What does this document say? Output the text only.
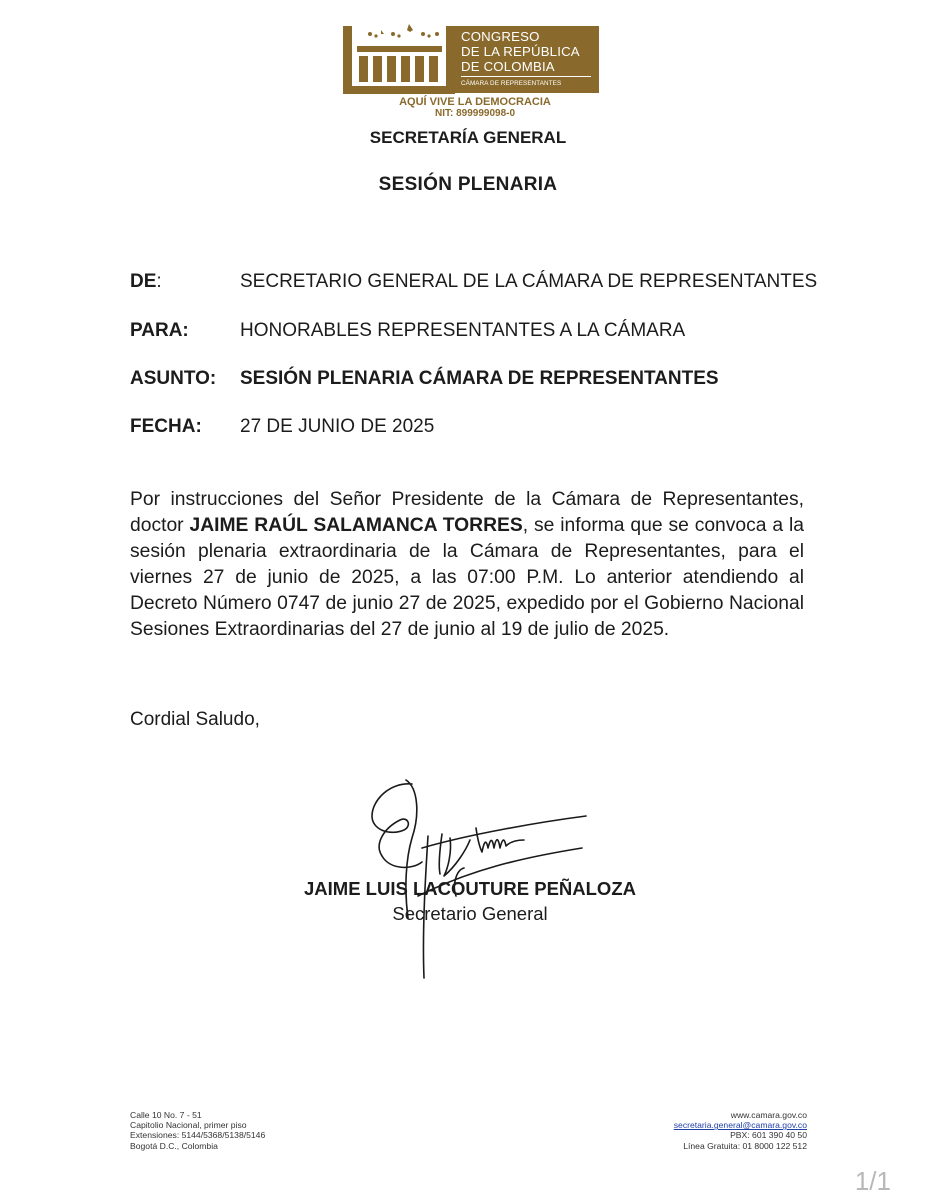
CONGRESO
DE LA REPÚBLICA
DE COLOMBIA
CÁMARA DE REPRESENTANTES
AQUÍ VIVE LA DEMOCRACIA
NIT: 899999098-0
SECRETARÍA GENERAL
SESIÓN PLENARIA
DE:	SECRETARIO GENERAL DE LA CÁMARA DE REPRESENTANTES
PARA:	HONORABLES REPRESENTANTES A LA CÁMARA
ASUNTO: SESIÓN PLENARIA CÁMARA DE REPRESENTANTES
FECHA: 27 DE JUNIO DE 2025
Por instrucciones del Señor Presidente de la Cámara de Representantes, doctor JAIME RAÚL SALAMANCA TORRES, se informa que se convoca a la sesión plenaria extraordinaria de la Cámara de Representantes, para el viernes 27 de junio de 2025, a las 07:00 P.M. Lo anterior atendiendo al Decreto Número 0747 de junio 27 de 2025, expedido por el Gobierno Nacional Sesiones Extraordinarias del 27 de junio al 19 de julio de 2025.
Cordial Saludo,
JAIME LUIS LACOUTURE PEÑALOZA
Secretario General
Calle 10 No. 7 - 51
Capitolio Nacional, primer piso
Extensiones: 5144/5368/5138/5146
Bogotá D.C., Colombia
www.camara.gov.co
secretaria.general@camara.gov.co
PBX: 601 390 40 50
Línea Gratuita: 01 8000 122 512
1/1
